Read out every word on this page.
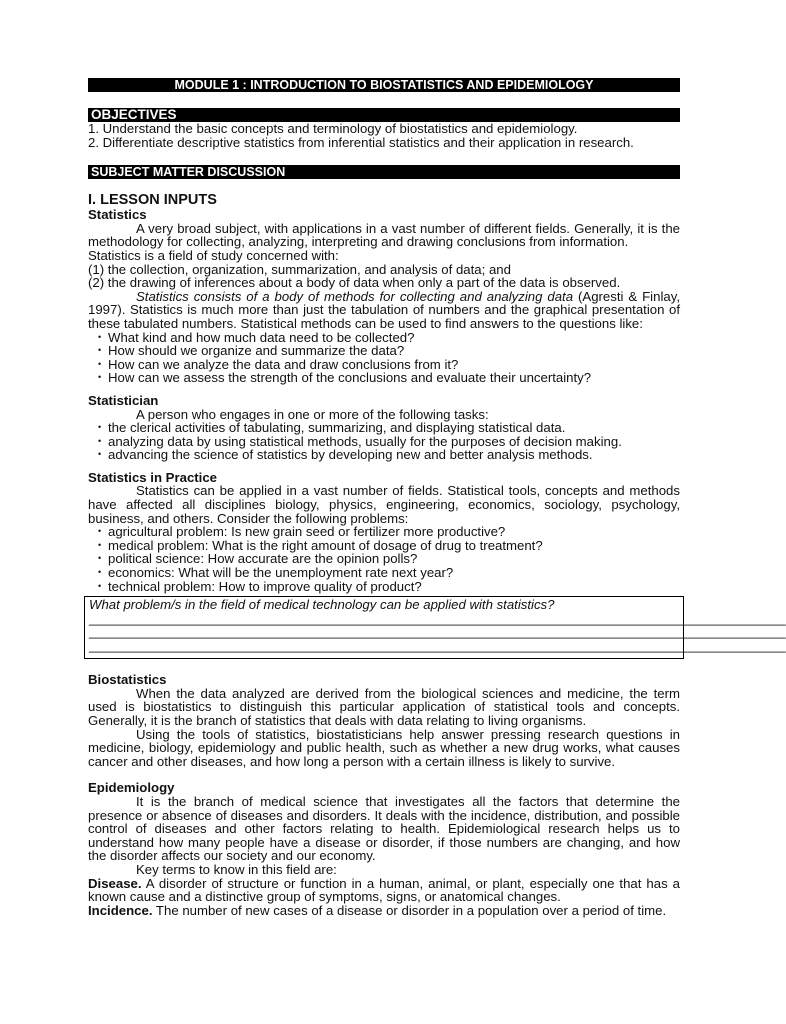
MODULE 1 : INTRODUCTION TO BIOSTATISTICS AND EPIDEMIOLOGY
OBJECTIVES

1. Understand the basic concepts and terminology of biostatistics and epidemiology.

2. Differentiate descriptive statistics from inferential statistics and their application in research.

SUBJECT MATTER DISCUSSION

I. LESSON INPUTS

Statistics

A very broad subject, with applications in a vast number of different fields. Generally, it is the methodology for collecting, analyzing, interpreting and drawing conclusions from information.

Statistics is a field of study concerned with:

(1) the collection, organization, summarization, and analysis of data; and

(2) the drawing of inferences about a body of data when only a part of the data is observed.

Statistics consists of a body of methods for collecting and analyzing data (Agresti & Finlay, 1997). Statistics is much more than just the tabulation of numbers and the graphical presentation of these tabulated numbers. Statistical methods can be used to find answers to the questions like:

• What kind and how much data need to be collected?
• How should we organize and summarize the data?
• How can we analyze the data and draw conclusions from it?
• How can we assess the strength of the conclusions and evaluate their uncertainty?

Statistician

A person who engages in one or more of the following tasks:

• the clerical activities of tabulating, summarizing, and displaying statistical data.
• analyzing data by using statistical methods, usually for the purposes of decision making.
• advancing the science of statistics by developing new and better analysis methods.

Statistics in Practice

Statistics can be applied in a vast number of fields. Statistical tools, concepts and methods have affected all disciplines biology, physics, engineering, economics, sociology, psychology, business, and others. Consider the following problems:

• agricultural problem: Is new grain seed or fertilizer more productive?
• medical problem: What is the right amount of dosage of drug to treatment?
• political science: How accurate are the opinion polls?
• economics: What will be the unemployment rate next year?
• technical problem: How to improve quality of product?

What problem/s in the field of medical technology can be applied with statistics?

_______________________________________________________________________________________________

_______________________________________________________________________________________________

_______________________________________________________________________________________________

Biostatistics

When the data analyzed are derived from the biological sciences and medicine, the term used is biostatistics to distinguish this particular application of statistical tools and concepts. Generally, it is the branch of statistics that deals with data relating to living organisms.

Using the tools of statistics, biostatisticians help answer pressing research questions in medicine, biology, epidemiology and public health, such as whether a new drug works, what causes cancer and other diseases, and how long a person with a certain illness is likely to survive.

Epidemiology

It is the branch of medical science that investigates all the factors that determine the presence or absence of diseases and disorders. It deals with the incidence, distribution, and possible control of diseases and other factors relating to health. Epidemiological research helps us to understand how many people have a disease or disorder, if those numbers are changing, and how the disorder affects our society and our economy.

Key terms to know in this field are:

Disease. A disorder of structure or function in a human, animal, or plant, especially one that has a known cause and a distinctive group of symptoms, signs, or anatomical changes.

Incidence. The number of new cases of a disease or disorder in a population over a period of time.
